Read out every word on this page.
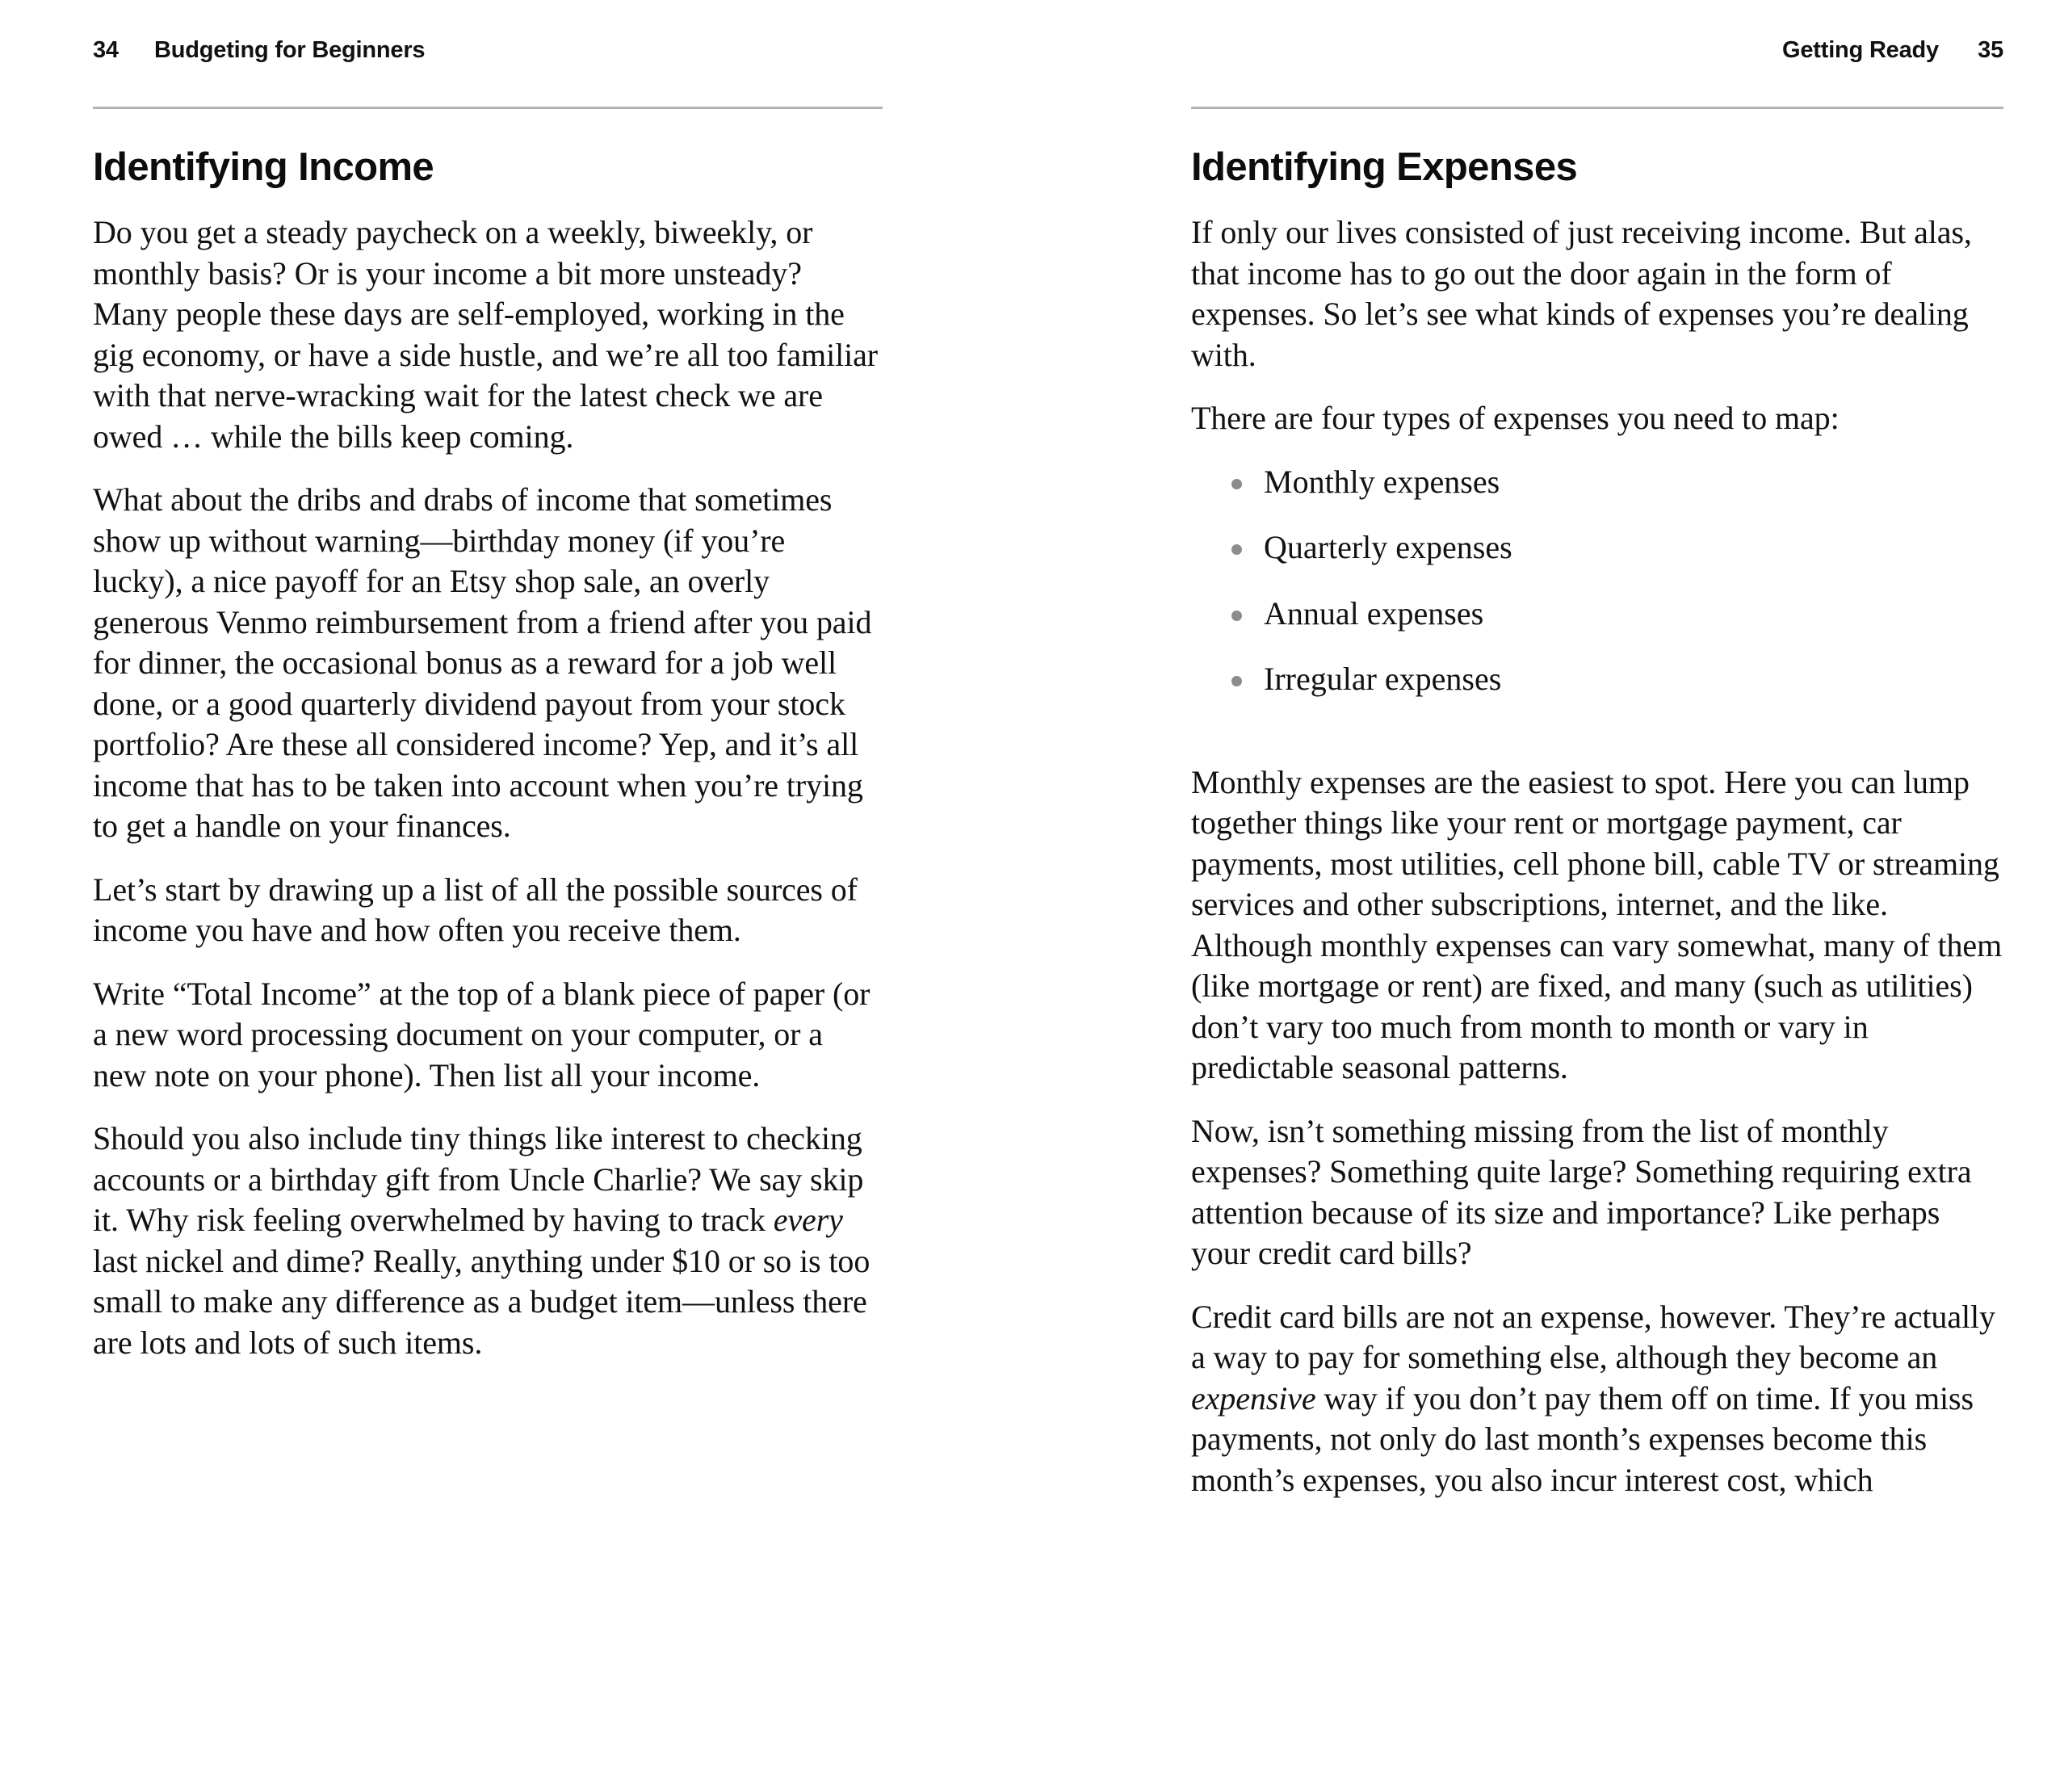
34	Budgeting for Beginners
Identifying Income

Do you get a steady paycheck on a weekly, biweekly, or monthly basis? Or is your income a bit more unsteady? Many people these days are self-employed, working in the gig economy, or have a side hustle, and we’re all too familiar with that nerve-wracking wait for the latest check we are owed … while the bills keep coming.

What about the dribs and drabs of income that sometimes show up without warning—birthday money (if you’re lucky), a nice payoff for an Etsy shop sale, an overly generous Venmo reimbursement from a friend after you paid for dinner, the occasional bonus as a reward for a job well done, or a good quarterly dividend payout from your stock portfolio? Are these all considered income? Yep, and it’s all income that has to be taken into account when you’re trying to get a handle on your finances.

Let’s start by drawing up a list of all the possible sources of income you have and how often you receive them.

Write “Total Income” at the top of a blank piece of paper (or a new word processing document on your computer, or a new note on your phone). Then list all your income.

Should you also include tiny things like interest to checking accounts or a birthday gift from Uncle Charlie? We say skip it. Why risk feeling overwhelmed by having to track every last nickel and dime? Really, anything under $10 or so is too small to make any difference as a budget item—unless there are lots and lots of such items.

Getting Ready	35
Identifying Expenses

If only our lives consisted of just receiving income. But alas, that income has to go out the door again in the form of expenses. So let’s see what kinds of expenses you’re dealing with.

There are four types of expenses you need to map:

Monthly expenses
Quarterly expenses
Annual expenses
Irregular expenses

Monthly expenses are the easiest to spot. Here you can lump together things like your rent or mortgage payment, car payments, most utilities, cell phone bill, cable TV or streaming services and other subscriptions, internet, and the like. Although monthly expenses can vary somewhat, many of them (like mortgage or rent) are fixed, and many (such as utilities) don’t vary too much from month to month or vary in predictable seasonal patterns.

Now, isn’t something missing from the list of monthly expenses? Something quite large? Something requiring extra attention because of its size and importance? Like perhaps your credit card bills?

Credit card bills are not an expense, however. They’re actually a way to pay for something else, although they become an expensive way if you don’t pay them off on time. If you miss payments, not only do last month’s expenses become this month’s expenses, you also incur interest cost, which
